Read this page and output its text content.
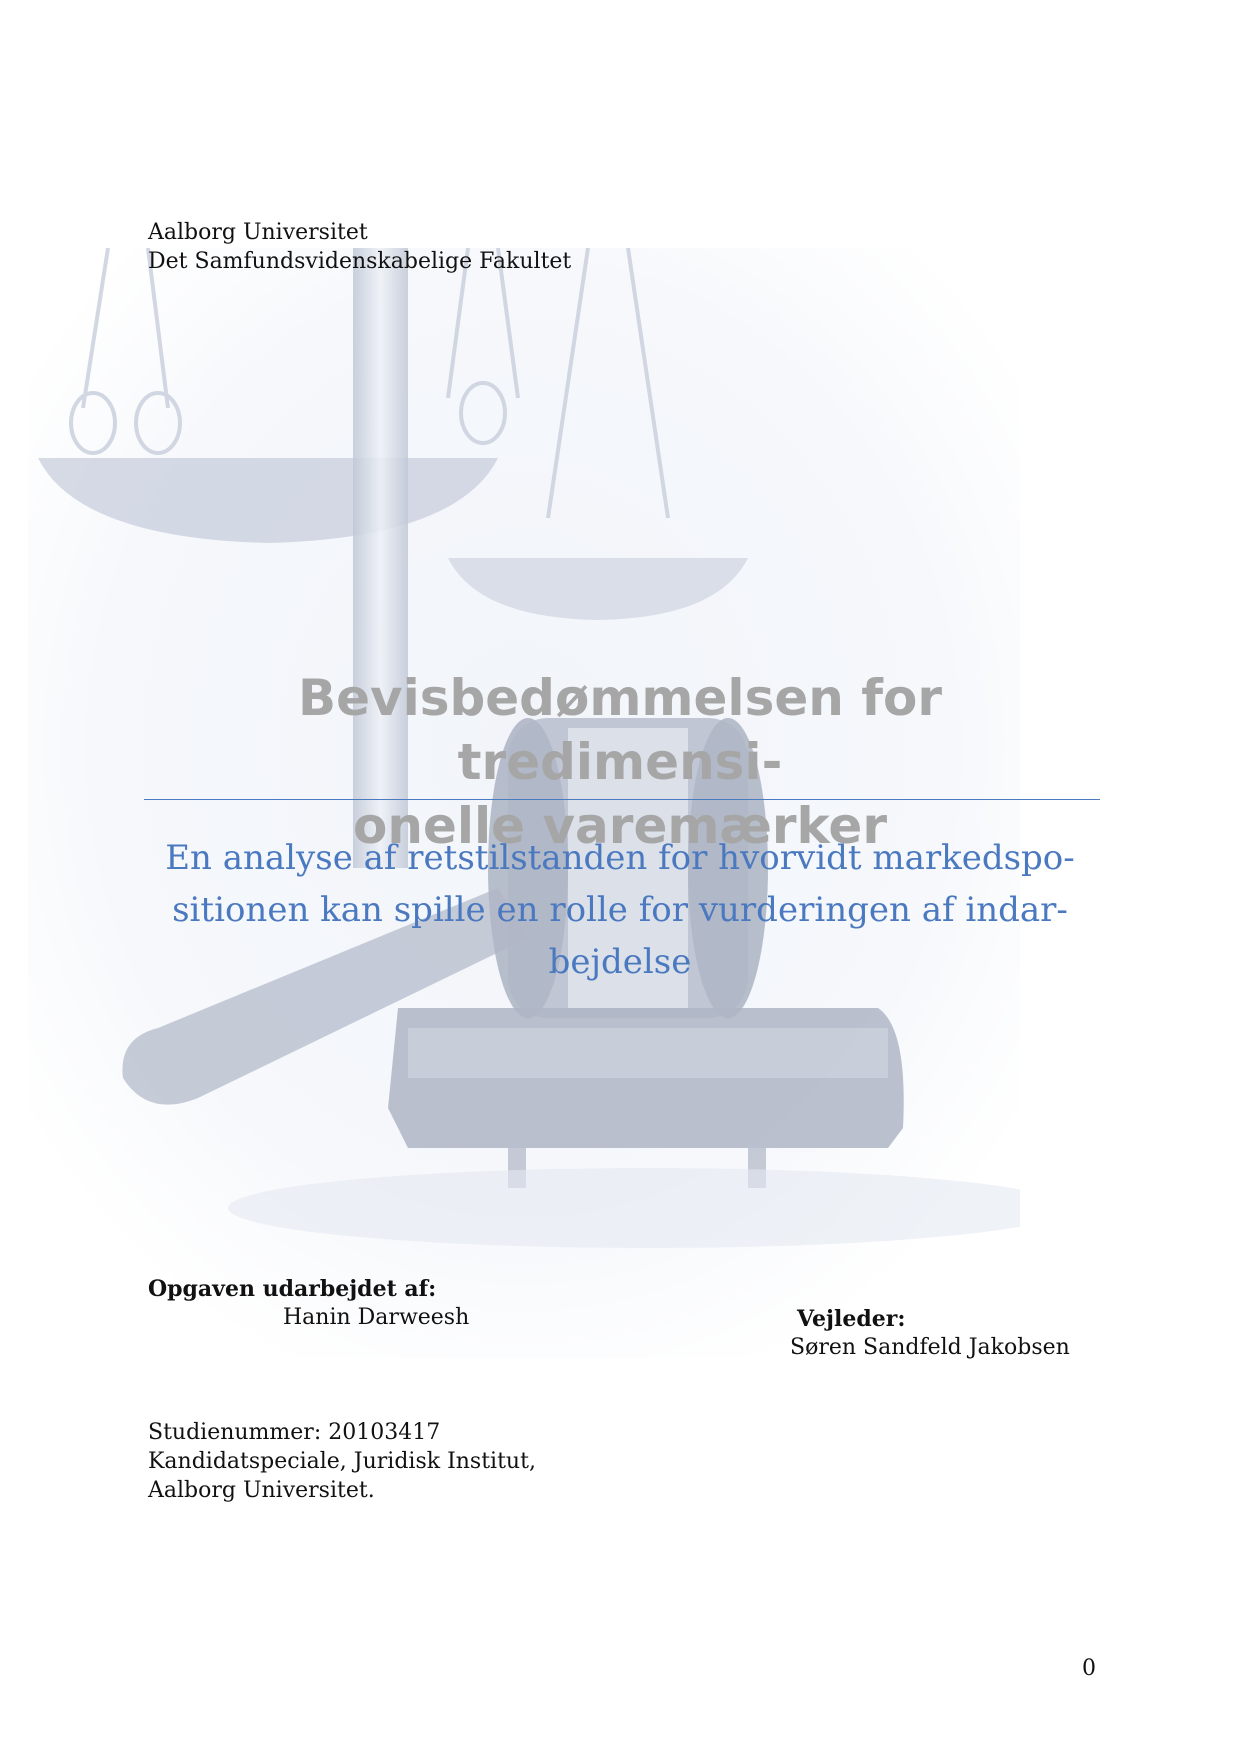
Aalborg Universitet
Det Samfundsvidenskabelige Fakultet
Bevisbedømmelsen for tredimensi-
onelle varemærker
En analyse af retstilstanden for hvorvidt markedspo-
sitionen kan spille en rolle for vurderingen af indar-
bejdelse
Opgaven udarbejdet af:
Hanin Darweesh	Vejleder:
Søren Sandfeld Jakobsen
Studienummer: 20103417
Kandidatspeciale, Juridisk Institut,
Aalborg Universitet.
0
